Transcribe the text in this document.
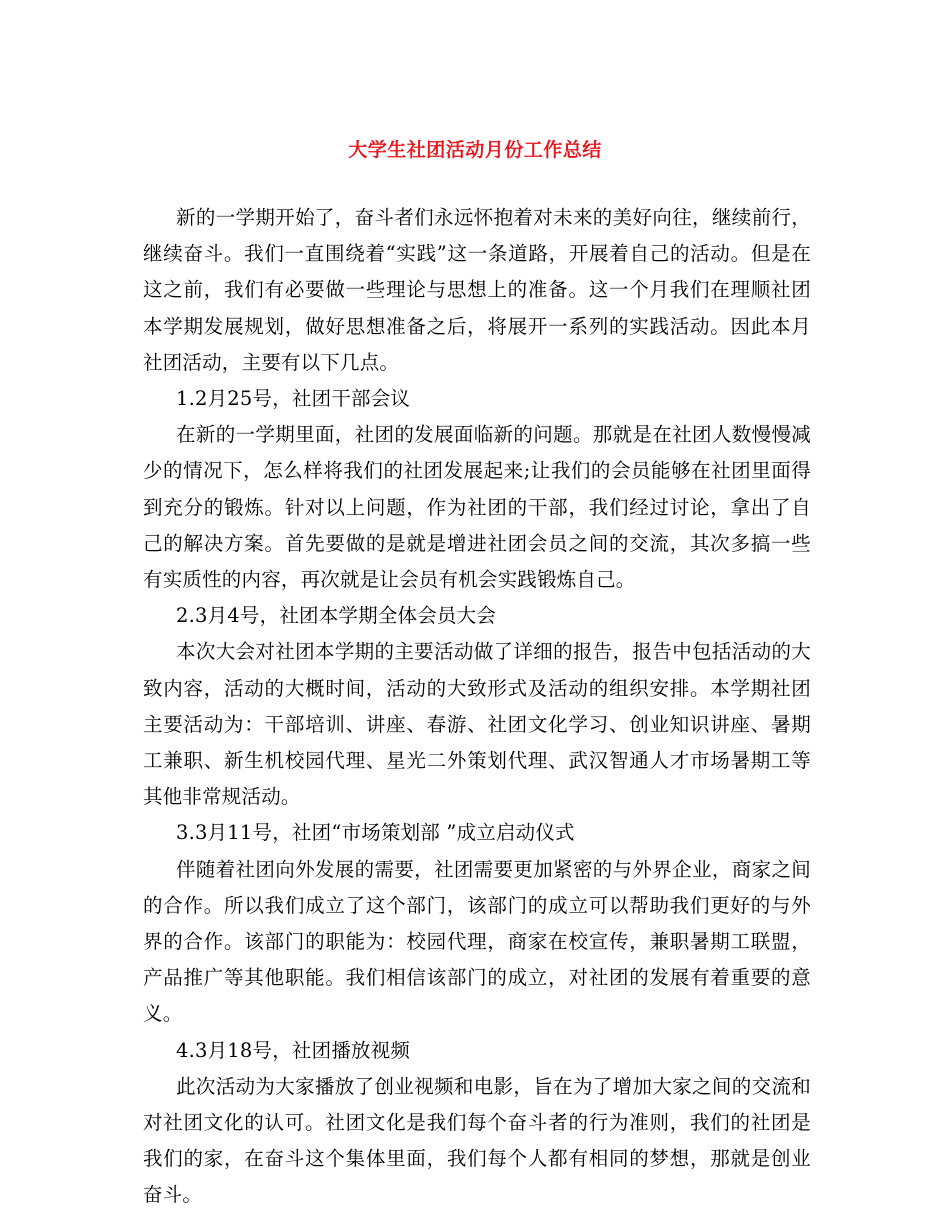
大学生社团活动月份工作总结

新的一学期开始了，奋斗者们永远怀抱着对未来的美好向往，继续前行，继续奋斗。我们一直围绕着“实践”这一条道路，开展着自己的活动。但是在这之前，我们有必要做一些理论与思想上的准备。这一个月我们在理顺社团本学期发展规划，做好思想准备之后，将展开一系列的实践活动。因此本月社团活动，主要有以下几点。

1.2月25号，社团干部会议

在新的一学期里面，社团的发展面临新的问题。那就是在社团人数慢慢减少的情况下，怎么样将我们的社团发展起来;让我们的会员能够在社团里面得到充分的锻炼。针对以上问题，作为社团的干部，我们经过讨论，拿出了自己的解决方案。首先要做的是就是增进社团会员之间的交流，其次多搞一些有实质性的内容，再次就是让会员有机会实践锻炼自己。

2.3月4号，社团本学期全体会员大会

本次大会对社团本学期的主要活动做了详细的报告，报告中包括活动的大致内容，活动的大概时间，活动的大致形式及活动的组织安排。本学期社团主要活动为：干部培训、讲座、春游、社团文化学习、创业知识讲座、暑期工兼职、新生机校园代理、星光二外策划代理、武汉智通人才市场暑期工等其他非常规活动。

3.3月11号，社团“市场策划部 ”成立启动仪式

伴随着社团向外发展的需要，社团需要更加紧密的与外界企业，商家之间的合作。所以我们成立了这个部门，该部门的成立可以帮助我们更好的与外界的合作。该部门的职能为：校园代理，商家在校宣传，兼职暑期工联盟，产品推广等其他职能。我们相信该部门的成立，对社团的发展有着重要的意义。

4.3月18号，社团播放视频

此次活动为大家播放了创业视频和电影，旨在为了增加大家之间的交流和对社团文化的认可。社团文化是我们每个奋斗者的行为准则，我们的社团是我们的家，在奋斗这个集体里面，我们每个人都有相同的梦想，那就是创业奋斗。
